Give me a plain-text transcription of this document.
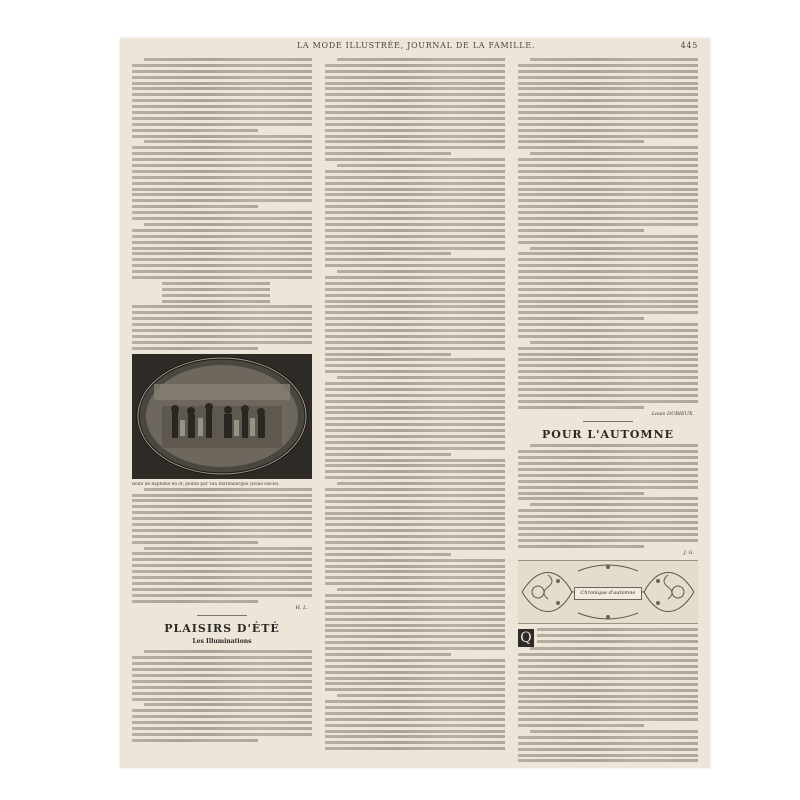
LA MODE ILLUSTRÉE, JOURNAL DE LA FAMILLE.	445
Boîte de baptême en or, peinte par Van Blarenberghe (xviiie siècle).
H. L.
PLAISIRS D'ÉTÉ
Les Illuminations
Louis DURIEUX.
POUR L'AUTOMNE
J. G.
Chronique d'automne
Q
